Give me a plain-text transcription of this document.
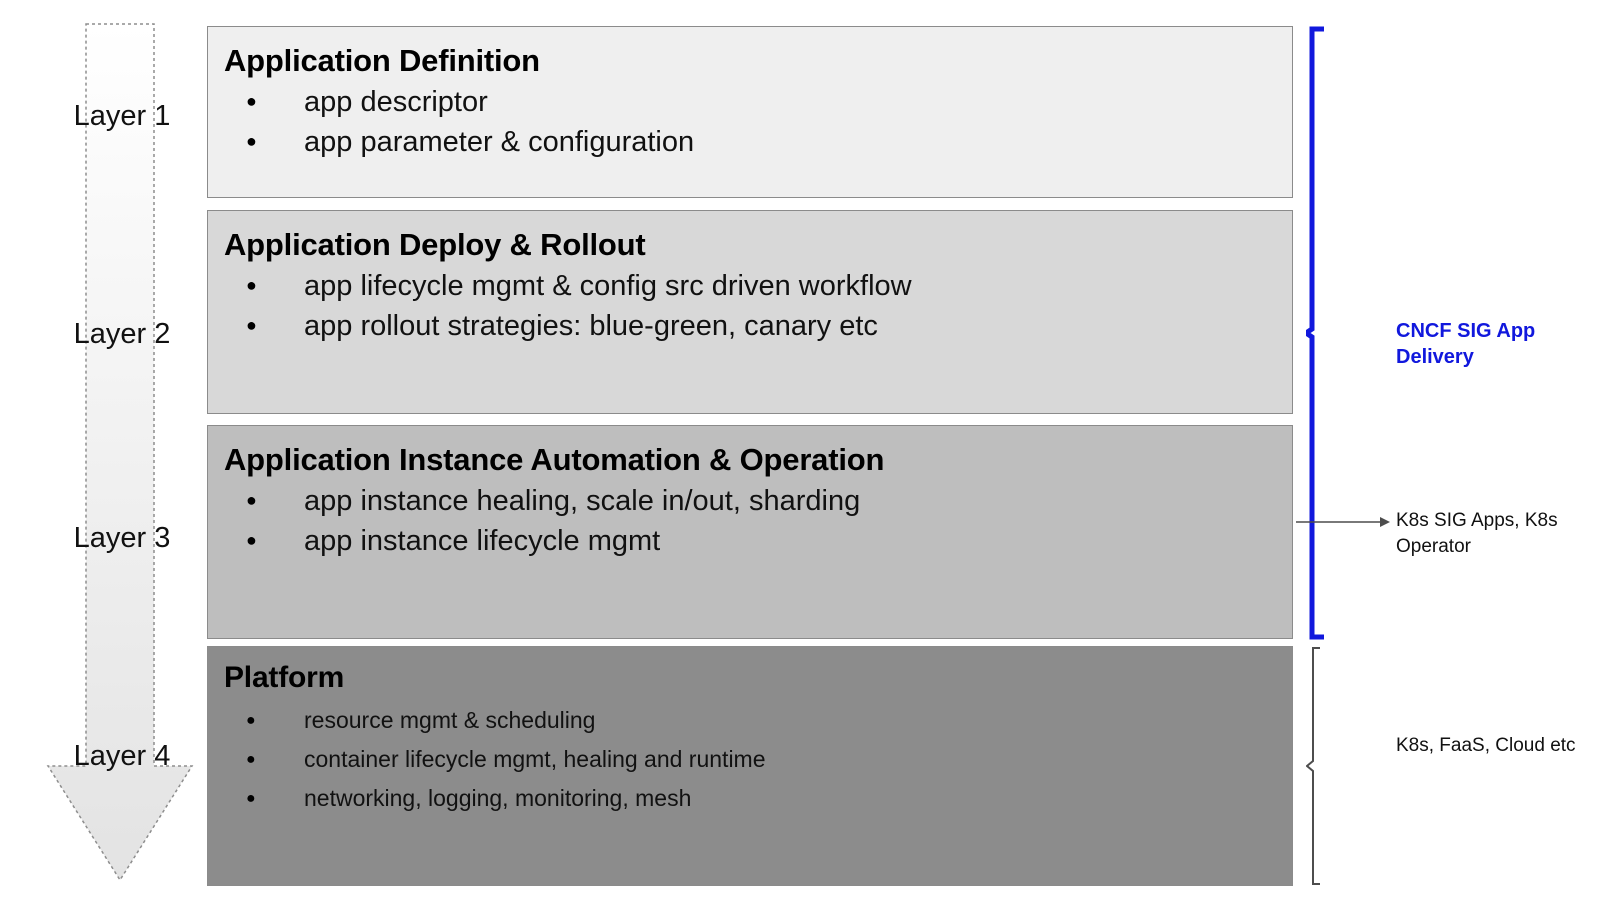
Layer 1
Layer 2
Layer 3
Layer 4
Application Definition
● app descriptor
● app parameter & configuration
Application Deploy & Rollout
● app lifecycle mgmt & config src driven workflow
● app rollout strategies: blue-green, canary etc
Application Instance Automation & Operation
● app instance healing, scale in/out, sharding
● app instance lifecycle mgmt
Platform
● resource mgmt & scheduling
● container lifecycle mgmt, healing and runtime
● networking, logging, monitoring, mesh
CNCF SIG App Delivery
K8s SIG Apps, K8s Operator
K8s, FaaS, Cloud etc
